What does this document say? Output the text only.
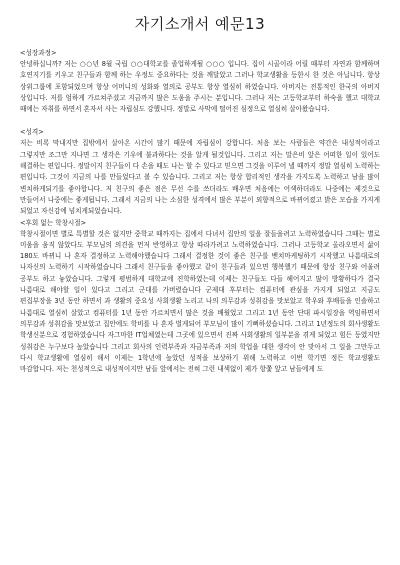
자기소개서 예문13

<성장과정>

안녕하십니까? 저는 ○○년 8월 국립 ○○대학교를 졸업하게될 ○○○ 입니다. 집이 시골이라 어릴 때부터 자연과 함께하며 호연지기를 키우고 친구들과 함께 하는 우정도 중요하다는 것을 깨달았고 그러나 학교생활을 등한시 한 것은 아닙니다. 항상 상위그룹에 포함되었으며 항상 어머니의 성화와 열의로 공부도 항상 열심히 하였습니다. 아버지는 전통적인 한국의 아버지 상입니다. 저를 엄하게 가르쳐주셨고 지금까지 많은 도움을 주시는 분입니다. 그러나 저는 고등학교부터 하숙을 했고 대학교 때에는 자취를 하면서 혼자서 사는 자립심도 강했니다. 정말로 사막에 떨어진 심정으로 열심히 살아왔습니다.

<성격>

저는 비록 막내지만 집밖에서 살아온 시간이 많기 때문에 자립심이 강합니다. 처음 보는 사람들은 약간은 내성적이라고 그렇지만 조그만 지나면 그 생각은 기우에 불과하다는 것을 알게 될것입니다. 그리고 저는 말은비 앞은 어떠한 일이 있어도 해결하는 편입니다. 정말이지 친구들이 다 손을 때도 나는 할 수 있다고 믿으면 그것을 이루어 낼 때까지 정말 열심히 노력하는 편입니다. 그것이 지금의 나를 만들었다고 볼 수 있습니다. 그리고 저는 항상 합리적인 생각을 가지도록 노력하고 남을 많이 변치하게되기를 좋아합니다. 저 친구의 좋은 점은 무선 수를 쓰더라도 배우면 처음에는 어색하더라도 나중에는 제것으로 만들어서 나중에는 좋게됩니다. 그래서 지금의 나는 소심한 성격에서 많은 부분이 외향적으로 바뀌어졌고 밝은 모습을 가지게 되었고 자신감에 넘치게되었습니다.

<후회 없는 학창시절>

학창시절이면 별로 특별할 것은 없지만 중학교 때까지는 집에서 다녀서 집안의 일을 잘들을려고 노력하였습니다 그때는 별로 미움을 움직 않았다도 부모님의 의견을 먼저 반영하고 항상 따라가려고 노력하였습니다. 그러나 고등학교 올라오면서 삶이 180도 바뀌니 나 혼자 결정하고 노력해야했습니다 그래서 결정한 것이 좋은 친구를 벤치마케팅하기 시작했고 나름대로의 나자신의 노력하기 시작하였습니다 그래서 친구들을 좋아했고 같이 친구들과 있으면 행복했기 때문에 항상 친구와 어울려 공부도 하고 놓았습니다. 그렇게 평범하게 대학교에 진학하였는데 이제는 친구들도 다들 헤어지고 많이 방황하다가 결국 나름대로 해야할 일이 있다고 그리고 군대를 가버렸습니다 군제대 후부터는 컴퓨터에 관심을 가지게 되었고 지금도 편집부장을 3년 동안 하면서 과 생활의 중요성 사회생활 노리고 나의 의무감과 성취감을 맛보았고 학우와 후배들을 인솔하고 나름대로 열심히 살았고 컴퓨터를 1년 동안 가르치면서 많은 것을 배웠었고 그리고 1년 동안 단대 파시일장을 역임하면서 의무감과 성취감을 맛보았고 집안에도 학비를 나 혼자 벌게되어 부모님이 많이 기뻐하셨습니다. 그리고 1년정도의 회사생활도 학생신분으로 경험하였습니다 자그마한 IT업체였는데 그곳에 있으면서 진짜 사회생활의 일부분을 겪게 되었고 힘든 등였지만 성취감은 누구보다 높았습니다 그리고 회사의 인력부족과 자금부족과 저의 학업을 대한 생각이 안 맞아서 그 일을 그만두고 다시 학교생활에 열심히 해서 이제는 1학년에 높았던 성적을 보상하기 위해 노력하고 이번 학기면 정든 학교생활도 마감합니다. 저는 천성적으로 내성적이지만 남들 앞에서는 전혀 그런 내색없이 제가 항쫓 앞고 남들에게 도
